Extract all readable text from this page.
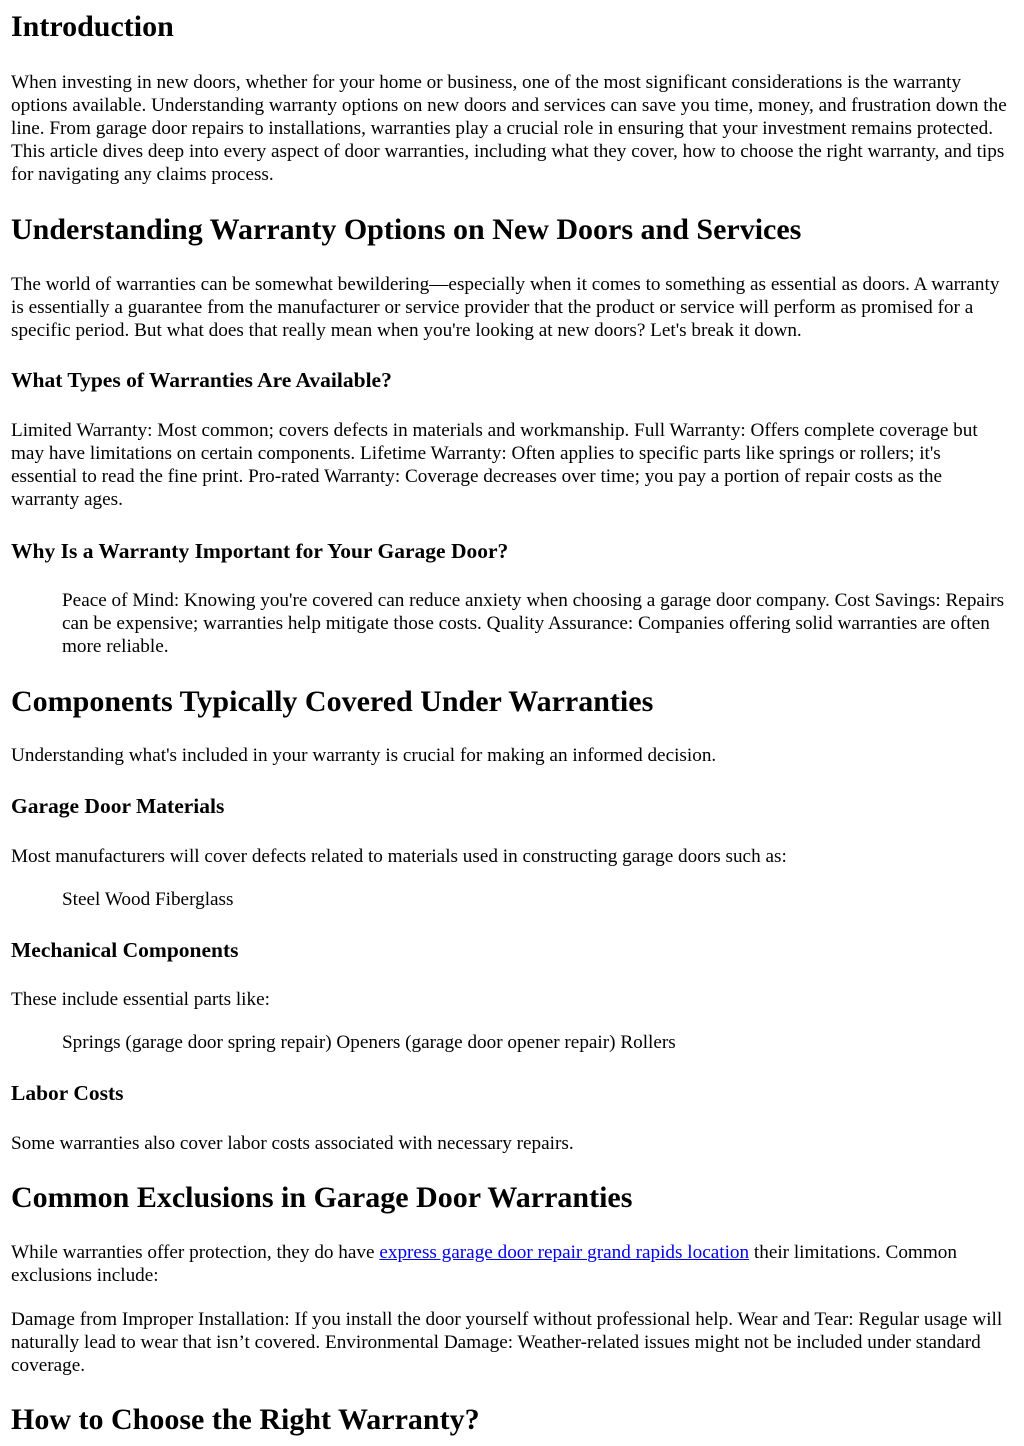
Introduction

When investing in new doors, whether for your home or business, one of the most significant considerations is the warranty options available. Understanding warranty options on new doors and services can save you time, money, and frustration down the line. From garage door repairs to installations, warranties play a crucial role in ensuring that your investment remains protected. This article dives deep into every aspect of door warranties, including what they cover, how to choose the right warranty, and tips for navigating any claims process.

Understanding Warranty Options on New Doors and Services

The world of warranties can be somewhat bewildering—especially when it comes to something as essential as doors. A warranty is essentially a guarantee from the manufacturer or service provider that the product or service will perform as promised for a specific period. But what does that really mean when you're looking at new doors? Let's break it down.

What Types of Warranties Are Available?

Limited Warranty: Most common; covers defects in materials and workmanship. Full Warranty: Offers complete coverage but may have limitations on certain components. Lifetime Warranty: Often applies to specific parts like springs or rollers; it's essential to read the fine print. Pro-rated Warranty: Coverage decreases over time; you pay a portion of repair costs as the warranty ages.

Why Is a Warranty Important for Your Garage Door?

Peace of Mind: Knowing you're covered can reduce anxiety when choosing a garage door company. Cost Savings: Repairs can be expensive; warranties help mitigate those costs. Quality Assurance: Companies offering solid warranties are often more reliable.

Components Typically Covered Under Warranties

Understanding what's included in your warranty is crucial for making an informed decision.

Garage Door Materials

Most manufacturers will cover defects related to materials used in constructing garage doors such as:

Steel Wood Fiberglass

Mechanical Components

These include essential parts like:

Springs (garage door spring repair) Openers (garage door opener repair) Rollers

Labor Costs

Some warranties also cover labor costs associated with necessary repairs.

Common Exclusions in Garage Door Warranties

While warranties offer protection, they do have express garage door repair grand rapids location their limitations. Common exclusions include:

Damage from Improper Installation: If you install the door yourself without professional help. Wear and Tear: Regular usage will naturally lead to wear that isn’t covered. Environmental Damage: Weather-related issues might not be included under standard coverage.

How to Choose the Right Warranty?
